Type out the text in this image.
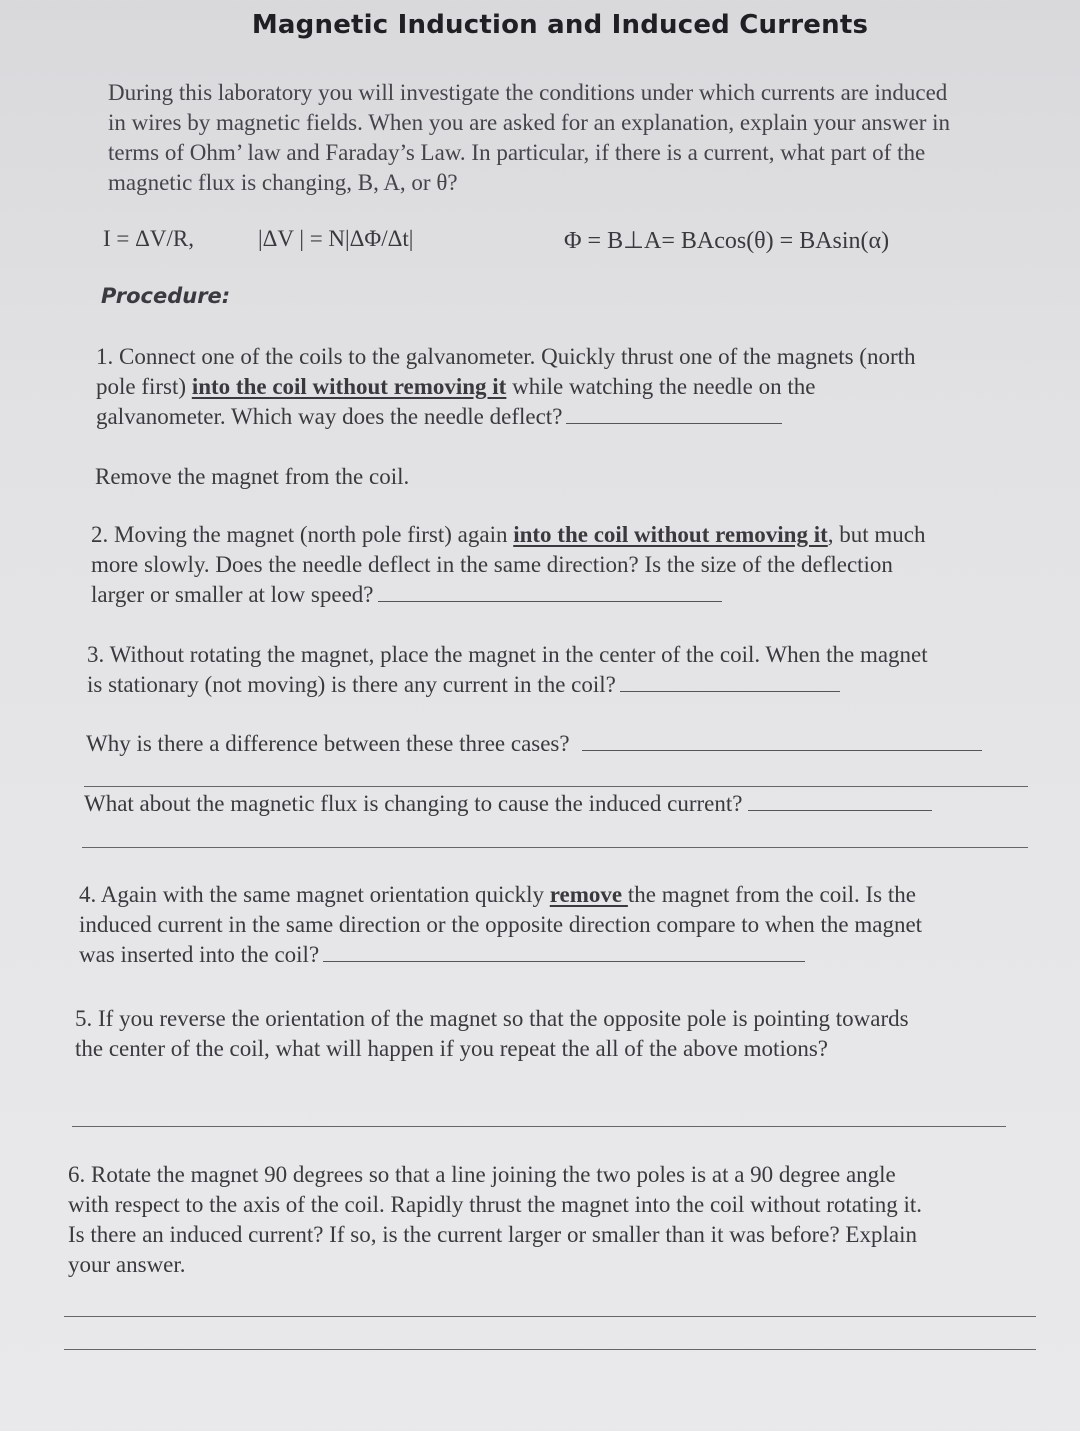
Magnetic Induction and Induced Currents
During this laboratory you will investigate the conditions under which currents are induced
in wires by magnetic fields. When you are asked for an explanation, explain your answer in
terms of Ohm’ law and Faraday’s Law. In particular, if there is a current, what part of the
magnetic flux is changing, B, A, or θ?
I = ΔV/R,	|ΔV | = N|ΔΦ/Δt|	Φ = B⊥A= BAcos(θ) = BAsin(α)
Procedure:
1. Connect one of the coils to the galvanometer. Quickly thrust one of the magnets (north
pole first) into the coil without removing it while watching the needle on the
galvanometer. Which way does the needle deflect?
Remove the magnet from the coil.
2. Moving the magnet (north pole first) again into the coil without removing it, but much
more slowly. Does the needle deflect in the same direction? Is the size of the deflection
larger or smaller at low speed?
3. Without rotating the magnet, place the magnet in the center of the coil. When the magnet
is stationary (not moving) is there any current in the coil?
Why is there a difference between these three cases?
What about the magnetic flux is changing to cause the induced current?
4. Again with the same magnet orientation quickly remove the magnet from the coil. Is the
induced current in the same direction or the opposite direction compare to when the magnet
was inserted into the coil?
5. If you reverse the orientation of the magnet so that the opposite pole is pointing towards
the center of the coil, what will happen if you repeat the all of the above motions?
6. Rotate the magnet 90 degrees so that a line joining the two poles is at a 90 degree angle
with respect to the axis of the coil. Rapidly thrust the magnet into the coil without rotating it.
Is there an induced current? If so, is the current larger or smaller than it was before? Explain
your answer.
